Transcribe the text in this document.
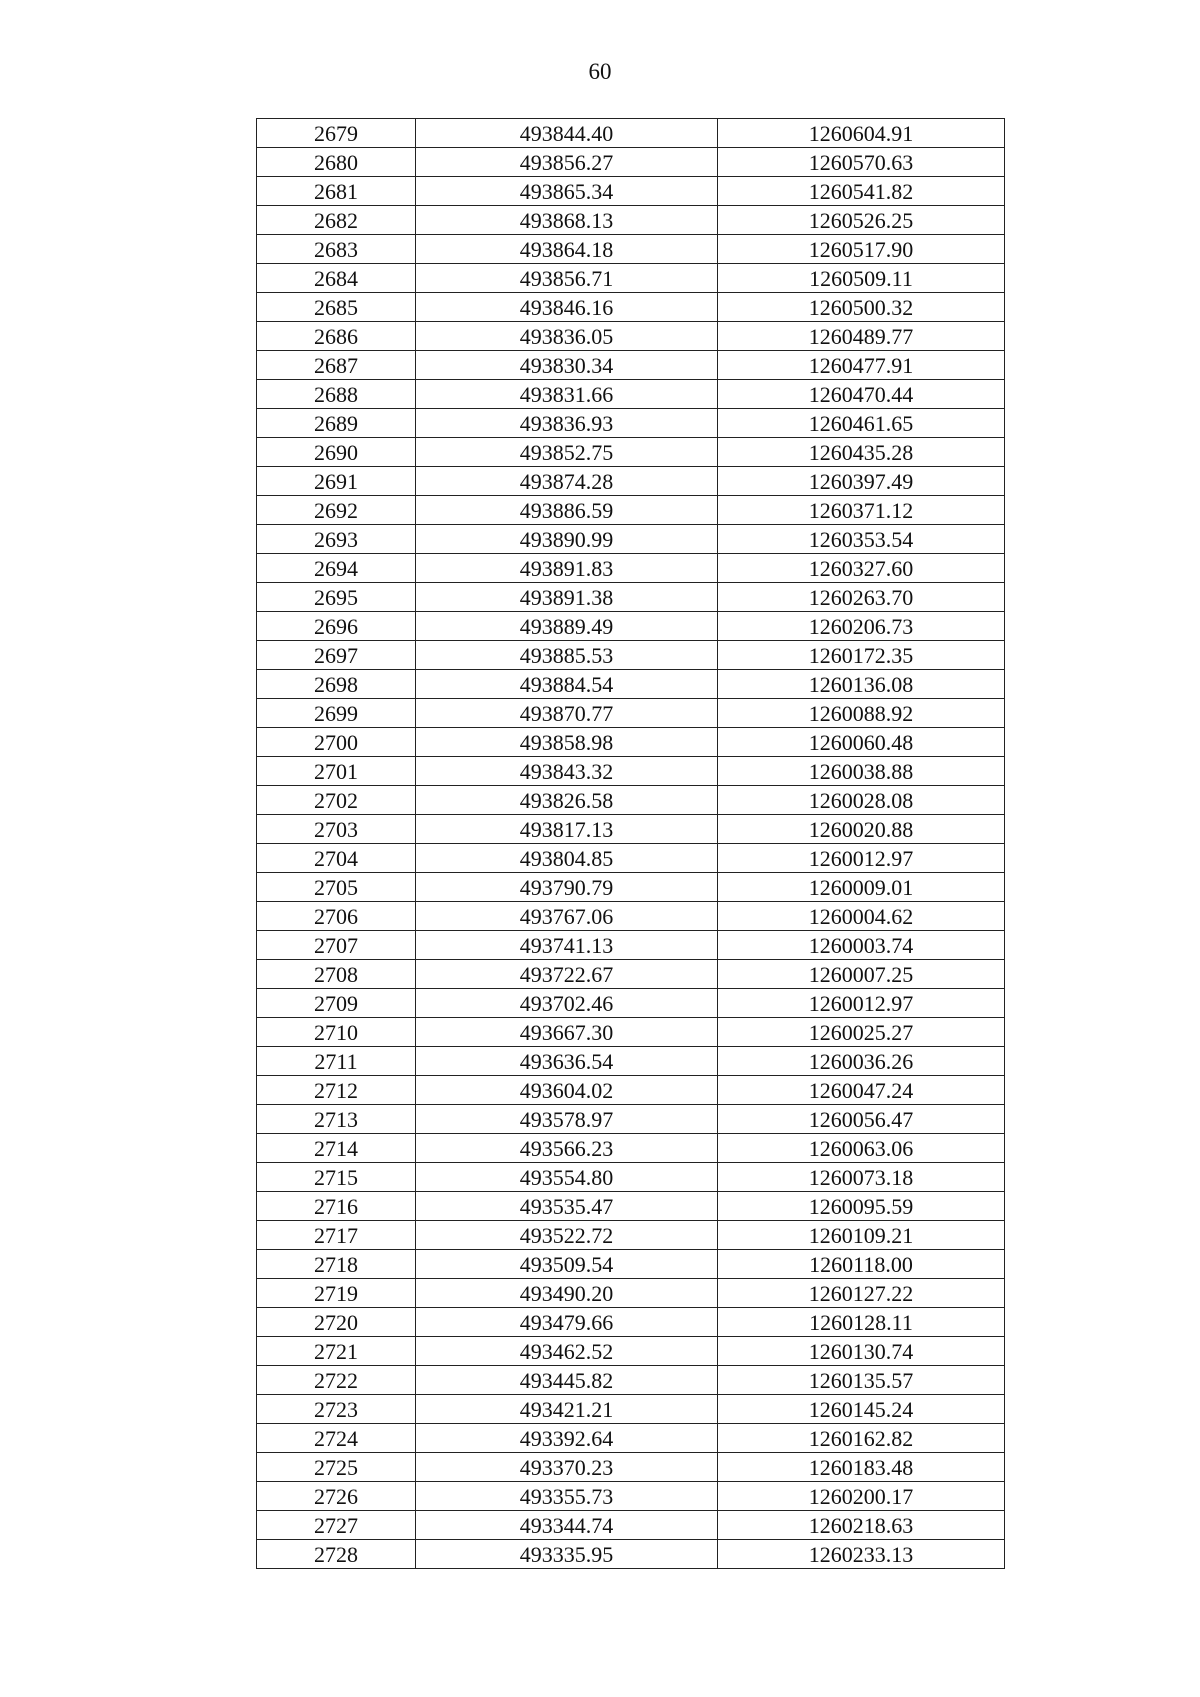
60
2679	493844.40	1260604.91
2680	493856.27	1260570.63
2681	493865.34	1260541.82
2682	493868.13	1260526.25
2683	493864.18	1260517.90
2684	493856.71	1260509.11
2685	493846.16	1260500.32
2686	493836.05	1260489.77
2687	493830.34	1260477.91
2688	493831.66	1260470.44
2689	493836.93	1260461.65
2690	493852.75	1260435.28
2691	493874.28	1260397.49
2692	493886.59	1260371.12
2693	493890.99	1260353.54
2694	493891.83	1260327.60
2695	493891.38	1260263.70
2696	493889.49	1260206.73
2697	493885.53	1260172.35
2698	493884.54	1260136.08
2699	493870.77	1260088.92
2700	493858.98	1260060.48
2701	493843.32	1260038.88
2702	493826.58	1260028.08
2703	493817.13	1260020.88
2704	493804.85	1260012.97
2705	493790.79	1260009.01
2706	493767.06	1260004.62
2707	493741.13	1260003.74
2708	493722.67	1260007.25
2709	493702.46	1260012.97
2710	493667.30	1260025.27
2711	493636.54	1260036.26
2712	493604.02	1260047.24
2713	493578.97	1260056.47
2714	493566.23	1260063.06
2715	493554.80	1260073.18
2716	493535.47	1260095.59
2717	493522.72	1260109.21
2718	493509.54	1260118.00
2719	493490.20	1260127.22
2720	493479.66	1260128.11
2721	493462.52	1260130.74
2722	493445.82	1260135.57
2723	493421.21	1260145.24
2724	493392.64	1260162.82
2725	493370.23	1260183.48
2726	493355.73	1260200.17
2727	493344.74	1260218.63
2728	493335.95	1260233.13
